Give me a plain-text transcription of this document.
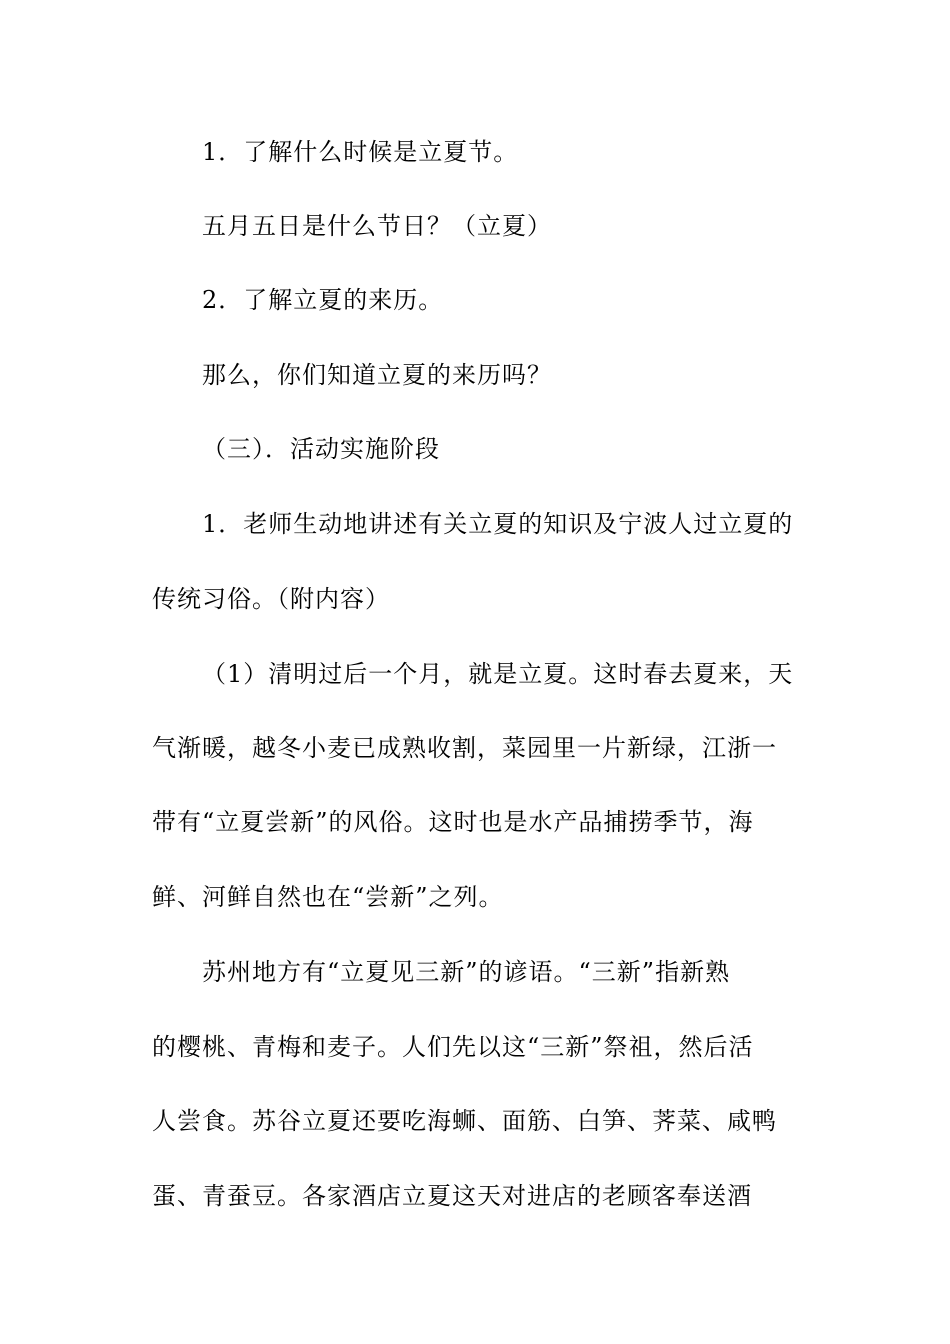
1．了解什么时候是立夏节。
五月五日是什么节日？（立夏）
2．了解立夏的来历。
那么，你们知道立夏的来历吗？
（三）．活动实施阶段
1．老师生动地讲述有关立夏的知识及宁波人过立夏的
传统习俗。（附内容）
（1）清明过后一个月，就是立夏。这时春去夏来，天
气渐暖，越冬小麦已成熟收割，菜园里一片新绿，江浙一
带有“立夏尝新”的风俗。这时也是水产品捕捞季节，海
鲜、河鲜自然也在“尝新”之列。
苏州地方有“立夏见三新”的谚语。“三新”指新熟
的樱桃、青梅和麦子。人们先以这“三新”祭祖，然后活
人尝食。苏谷立夏还要吃海蛳、面筋、白笋、荠菜、咸鸭
蛋、青蚕豆。各家酒店立夏这天对进店的老顾客奉送酒
